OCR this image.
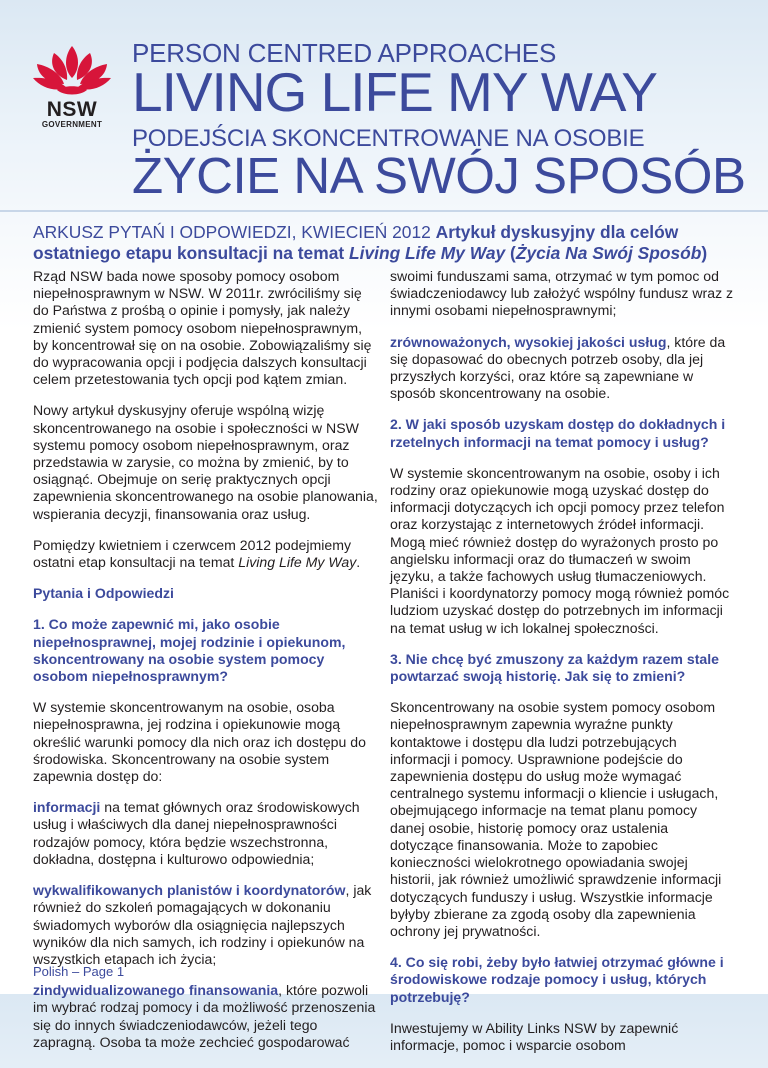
NSW
GOVERNMENT
PERSON CENTRED APPROACHES
LIVING LIFE MY WAY
PODEJŚCIA SKONCENTROWANE NA OSOBIE
ŻYCIE NA SWÓJ SPOSÓB
ARKUSZ PYTAŃ I ODPOWIEDZI, KWIECIEŃ 2012 Artykuł dyskusyjny dla celów ostatniego etapu konsultacji na temat Living Life My Way (Życia Na Swój Sposób)

Rząd NSW bada nowe sposoby pomocy osobom niepełnosprawnym w NSW. W 2011r. zwróciliśmy się do Państwa z prośbą o opinie i pomysły, jak należy zmienić system pomocy osobom niepełnosprawnym, by koncentrował się on na osobie. Zobowiązaliśmy się do wypracowania opcji i podjęcia dalszych konsultacji celem przetestowania tych opcji pod kątem zmian.

Nowy artykuł dyskusyjny oferuje wspólną wizję skoncentrowanego na osobie i społeczności w NSW systemu pomocy osobom niepełnosprawnym, oraz przedstawia w zarysie, co można by zmienić, by to osiągnąć. Obejmuje on serię praktycznych opcji zapewnienia skoncentrowanego na osobie planowania, wspierania decyzji, finansowania oraz usług.

Pomiędzy kwietniem i czerwcem 2012 podejmiemy ostatni etap konsultacji na temat Living Life My Way.

Pytania i Odpowiedzi

1. Co może zapewnić mi, jako osobie niepełnosprawnej, mojej rodzinie i opiekunom, skoncentrowany na osobie system pomocy osobom niepełnosprawnym?

W systemie skoncentrowanym na osobie, osoba niepełnosprawna, jej rodzina i opiekunowie mogą określić warunki pomocy dla nich oraz ich dostępu do środowiska. Skoncentrowany na osobie system zapewnia dostęp do:

informacji na temat głównych oraz środowiskowych usług i właściwych dla danej niepełnosprawności rodzajów pomocy, która będzie wszechstronna, dokładna, dostępna i kulturowo odpowiednia;

wykwalifikowanych planistów i koordynatorów, jak również do szkoleń pomagających w dokonaniu świadomych wyborów dla osiągnięcia najlepszych wyników dla nich samych, ich rodziny i opiekunów na wszystkich etapach ich życia;

zindywidualizowanego finansowania, które pozwoli im wybrać rodzaj pomocy i da możliwość przenoszenia się do innych świadczeniodawców, jeżeli tego zapragną. Osoba ta może zechcieć gospodarować

swoimi funduszami sama, otrzymać w tym pomoc od świadczeniodawcy lub założyć wspólny fundusz wraz z innymi osobami niepełnosprawnymi;

zrównoważonych, wysokiej jakości usług, które da się dopasować do obecnych potrzeb osoby, dla jej przyszłych korzyści, oraz które są zapewniane w sposób skoncentrowany na osobie.

2. W jaki sposób uzyskam dostęp do dokładnych i rzetelnych informacji na temat pomocy i usług?

W systemie skoncentrowanym na osobie, osoby i ich rodziny oraz opiekunowie mogą uzyskać dostęp do informacji dotyczących ich opcji pomocy przez telefon oraz korzystając z internetowych źródeł informacji. Mogą mieć również dostęp do wyrażonych prosto po angielsku informacji oraz do tłumaczeń w swoim języku, a także fachowych usług tłumaczeniowych. Planiści i koordynatorzy pomocy mogą również pomóc ludziom uzyskać dostęp do potrzebnych im informacji na temat usług w ich lokalnej społeczności.

3. Nie chcę być zmuszony za każdym razem stale powtarzać swoją historię. Jak się to zmieni?

Skoncentrowany na osobie system pomocy osobom niepełnosprawnym zapewnia wyraźne punkty kontaktowe i dostępu dla ludzi potrzebujących informacji i pomocy. Usprawnione podejście do zapewnienia dostępu do usług może wymagać centralnego systemu informacji o kliencie i usługach, obejmującego informacje na temat planu pomocy danej osobie, historię pomocy oraz ustalenia dotyczące finansowania. Może to zapobiec konieczności wielokrotnego opowiadania swojej historii, jak również umożliwić sprawdzenie informacji dotyczących funduszy i usług. Wszystkie informacje byłyby zbierane za zgodą osoby dla zapewnienia ochrony jej prywatności.

4. Co się robi, żeby było łatwiej otrzymać główne i środowiskowe rodzaje pomocy i usług, których potrzebuję?

Inwestujemy w Ability Links NSW by zapewnić informacje, pomoc i wsparcie osobom

Polish – Page 1
